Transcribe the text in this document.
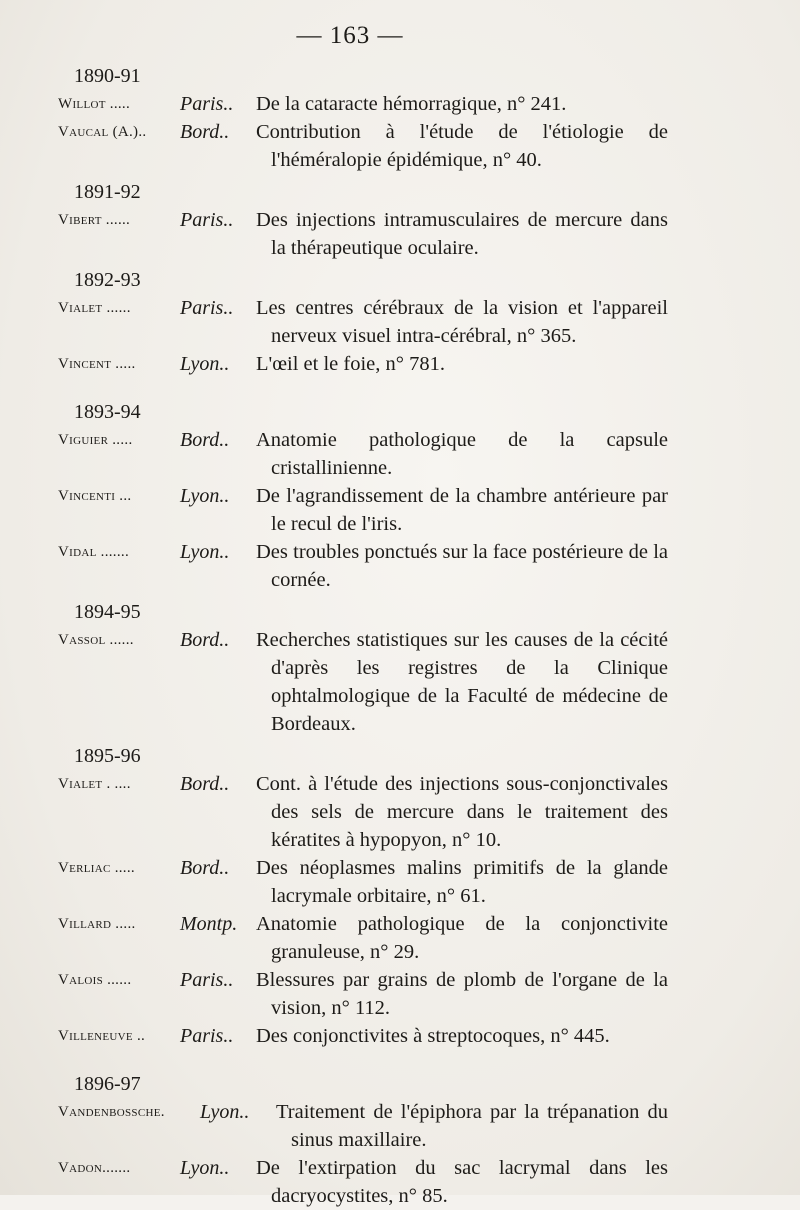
— 163 —
1890-91
Willot .....	Paris..	De la cataracte hémorragique, n° 241.
Vaucal (A.)..	Bord..	Contribution à l'étude de l'étiologie de l'héméralopie épidémique, n° 40.
1891-92
Vibert ......	Paris..	Des injections intramusculaires de mercure dans la thérapeutique oculaire.
1892-93
Vialet ......	Paris..	Les centres cérébraux de la vision et l'appareil nerveux visuel intra-cérébral, n° 365.
Vincent .....	Lyon..	L'œil et le foie, n° 781.
1893-94
Viguier .....	Bord..	Anatomie pathologique de la capsule cristallinienne.
Vincenti ...	Lyon..	De l'agrandissement de la chambre antérieure par le recul de l'iris.
Vidal .......	Lyon..	Des troubles ponctués sur la face postérieure de la cornée.
1894-95
Vassol ......	Bord..	Recherches statistiques sur les causes de la cécité d'après les registres de la Clinique ophtalmologique de la Faculté de médecine de Bordeaux.
1895-96
Vialet . ....	Bord..	Cont. à l'étude des injections sous-conjonctivales des sels de mercure dans le traitement des kératites à hypopyon, n° 10.
Verliac .....	Bord..	Des néoplasmes malins primitifs de la glande lacrymale orbitaire, n° 61.
Villard .....	Montp. Anatomie pathologique de la conjonctivite granuleuse, n° 29.
Valois ......	Paris..	Blessures par grains de plomb de l'organe de la vision, n° 112.
Villeneuve ..	Paris..	Des conjonctivites à streptocoques, n° 445.
1896-97
Vandenbossche.	Lyon..	Traitement de l'épiphora par la trépanation du sinus maxillaire.
Vadon.......	Lyon..	De l'extirpation du sac lacrymal dans les dacryocystites, n° 85.
